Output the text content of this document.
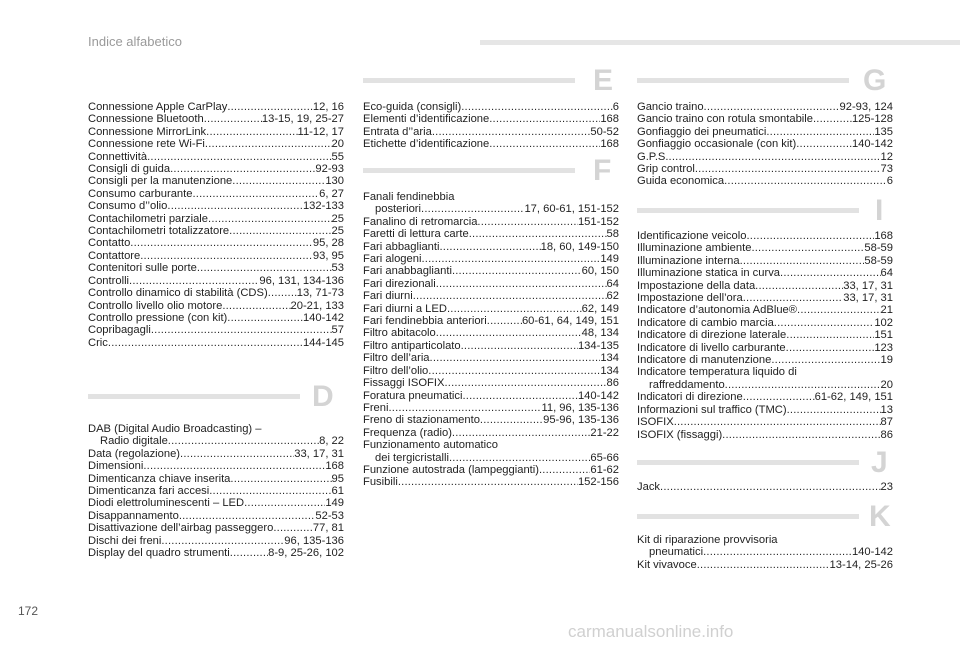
Indice alfabetico
Connessione Apple CarPlay .....	12, 16
Connessione Bluetooth .....	13-15, 19, 25-27
Connessione MirrorLink .....	11-12, 17
Connessione rete Wi-Fi .....	20
Connettività .....	55
Consigli di guida .....	92-93
Consigli per la manutenzione .....	130
Consumo carburante .....	6, 27
Consumo d’’olio .....	132-133
Contachilometri parziale .....	25
Contachilometri totalizzatore .....	25
Contatto .....	95, 28
Contattore .....	93, 95
Contenitori sulle porte .....	53
Controlli .....	96, 131, 134-136
Controllo dinamico di stabilità (CDS) .....	13, 71-73
Controllo livello olio motore .....	20-21, 133
Controllo pressione (con kit) .....	140-142
Copribagagli .....	57
Cric .....	144-145
D
DAB (Digital Audio Broadcasting) –
Radio digitale .....	8, 22
Data (regolazione) .....	33, 17, 31
Dimensioni .....	168
Dimenticanza chiave inserita .....	95
Dimenticanza fari accesi .....	61
Diodi elettroluminescenti – LED .....	149
Disappannamento .....	52-53
Disattivazione dell’airbag passeggero .....	77, 81
Dischi dei freni .....	96, 135-136
Display del quadro strumenti .....	8-9, 25-26, 102
E
Eco-guida (consigli) .....	6
Elementi d’identificazione .....	168
Entrata d’’aria .....	50-52
Etichette d’identificazione .....	168
F
Fanali fendinebbia
posteriori .....	17, 60-61, 151-152
Fanalino di retromarcia .....	151-152
Faretti di lettura carte .....	58
Fari abbaglianti .....	18, 60, 149-150
Fari alogeni .....	149
Fari anabbaglianti .....	60, 150
Fari direzionali .....	64
Fari diurni .....	62
Fari diurni a LED .....	62, 149
Fari fendinebbia anteriori .....	60-61, 64, 149, 151
Filtro abitacolo .....	48, 134
Filtro antiparticolato .....	134-135
Filtro dell’aria .....	134
Filtro dell’olio .....	134
Fissaggi ISOFIX .....	86
Foratura pneumatici .....	140-142
Freni .....	11, 96, 135-136
Freno di stazionamento .....	95-96, 135-136
Frequenza (radio) .....	21-22
Funzionamento automatico
dei tergicristalli .....	65-66
Funzione autostrada (lampeggianti) .....	61-62
Fusibili .....	152-156
G
Gancio traino .....	92-93, 124
Gancio traino con rotula smontabile .....	125-128
Gonfiaggio dei pneumatici .....	135
Gonfiaggio occasionale (con kit) .....	140-142
G.P.S. .....	12
Grip control .....	73
Guida economica .....	6
I
Identificazione veicolo .....	168
Illuminazione ambiente .....	58-59
Illuminazione interna .....	58-59
Illuminazione statica in curva .....	64
Impostazione della data .....	33, 17, 31
Impostazione dell’ora .....	33, 17, 31
Indicatore d’autonomia AdBlue® .....	21
Indicatore di cambio marcia .....	102
Indicatore di direzione laterale .....	151
Indicatore di livello carburante .....	123
Indicatore di manutenzione .....	19
Indicatore temperatura liquido di
raffreddamento .....	20
Indicatori di direzione .....	61-62, 149, 151
Informazioni sul traffico (TMC) .....	13
ISOFIX .....	87
ISOFIX (fissaggi) .....	86
J
Jack .....	23
K
Kit di riparazione provvisoria
pneumatici .....	140-142
Kit vivavoce .....	13-14, 25-26
172
carmanualsonline.info
